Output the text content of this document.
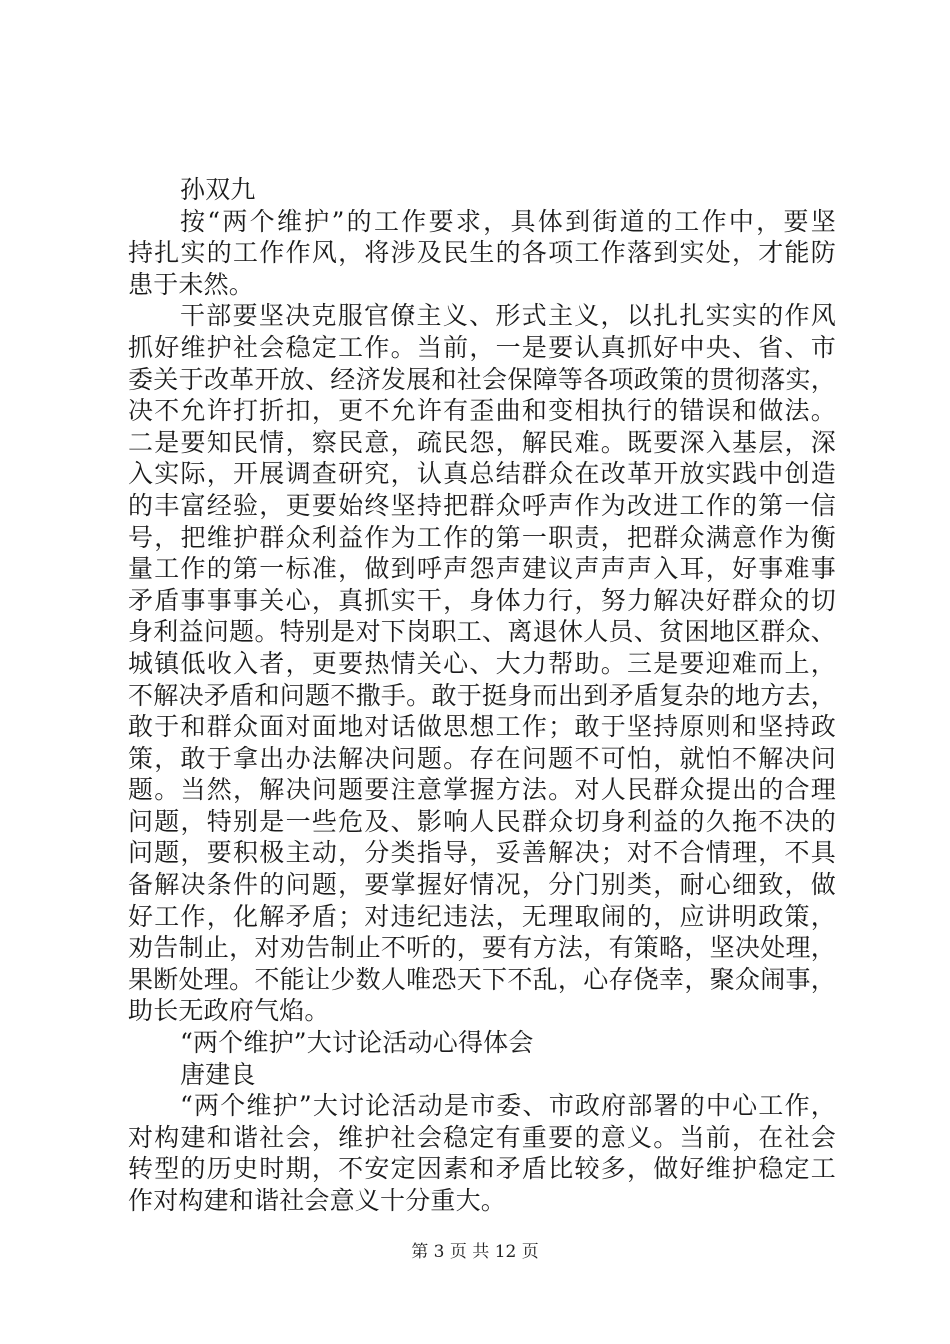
孙双九
按“两个维护”的工作要求，具体到街道的工作中，要坚
持扎实的工作作风，将涉及民生的各项工作落到实处，才能防
患于未然。
干部要坚决克服官僚主义、形式主义，以扎扎实实的作风
抓好维护社会稳定工作。当前，一是要认真抓好中央、省、市
委关于改革开放、经济发展和社会保障等各项政策的贯彻落实，
决不允许打折扣，更不允许有歪曲和变相执行的错误和做法。
二是要知民情，察民意，疏民怨，解民难。既要深入基层，深
入实际，开展调查研究，认真总结群众在改革开放实践中创造
的丰富经验，更要始终坚持把群众呼声作为改进工作的第一信
号，把维护群众利益作为工作的第一职责，把群众满意作为衡
量工作的第一标准，做到呼声怨声建议声声声入耳，好事难事
矛盾事事事关心，真抓实干，身体力行，努力解决好群众的切
身利益问题。特别是对下岗职工、离退休人员、贫困地区群众、
城镇低收入者，更要热情关心、大力帮助。三是要迎难而上，
不解决矛盾和问题不撒手。敢于挺身而出到矛盾复杂的地方去，
敢于和群众面对面地对话做思想工作；敢于坚持原则和坚持政
策，敢于拿出办法解决问题。存在问题不可怕，就怕不解决问
题。当然，解决问题要注意掌握方法。对人民群众提出的合理
问题，特别是一些危及、影响人民群众切身利益的久拖不决的
问题，要积极主动，分类指导，妥善解决；对不合情理，不具
备解决条件的问题，要掌握好情况，分门别类，耐心细致，做
好工作，化解矛盾；对违纪违法，无理取闹的，应讲明政策，
劝告制止，对劝告制止不听的，要有方法，有策略，坚决处理，
果断处理。不能让少数人唯恐天下不乱，心存侥幸，聚众闹事，
助长无政府气焰。
“两个维护”大讨论活动心得体会
唐建良
“两个维护”大讨论活动是市委、市政府部署的中心工作，
对构建和谐社会，维护社会稳定有重要的意义。当前，在社会
转型的历史时期，不安定因素和矛盾比较多，做好维护稳定工
作对构建和谐社会意义十分重大。
第 3 页 共 12 页
